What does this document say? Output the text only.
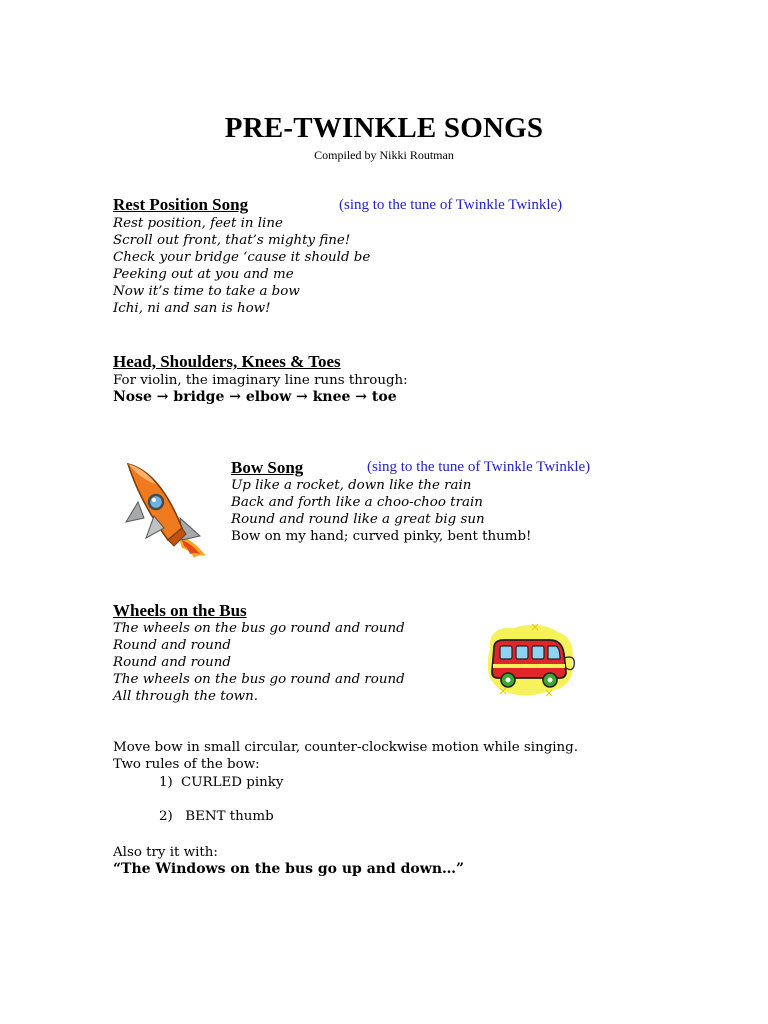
PRE-TWINKLE SONGS
Compiled by Nikki Routman
Rest Position Song	(sing to the tune of Twinkle Twinkle)
Rest position, feet in line
Scroll out front, that’s mighty fine!
Check your bridge ‘cause it should be
Peeking out at you and me
Now it’s time to take a bow
Ichi, ni and san is how!
Head, Shoulders, Knees & Toes
For violin, the imaginary line runs through:
Nose → bridge → elbow → knee → toe
Bow Song	(sing to the tune of Twinkle Twinkle)
Up like a rocket, down like the rain
Back and forth like a choo-choo train
Round and round like a great big sun
Bow on my hand; curved pinky, bent thumb!
Wheels on the Bus
The wheels on the bus go round and round
Round and round
Round and round
The wheels on the bus go round and round
All through the town.
Move bow in small circular, counter-clockwise motion while singing.
Two rules of the bow:
1) CURLED pinky
2) BENT thumb
Also try it with:
“The Windows on the bus go up and down…”
